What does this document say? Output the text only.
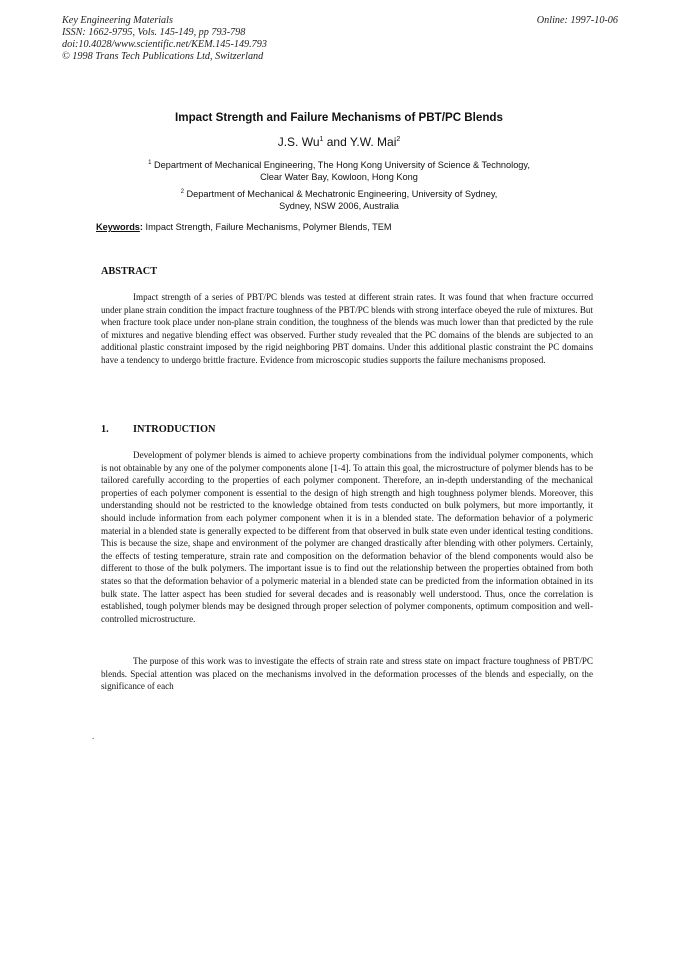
Key Engineering Materials
ISSN: 1662-9795, Vols. 145-149, pp 793-798
doi:10.4028/www.scientific.net/KEM.145-149.793
© 1998 Trans Tech Publications Ltd, Switzerland
Online: 1997-10-06
Impact Strength and Failure Mechanisms of PBT/PC Blends
J.S. Wu$^1$ and Y.W. Mai$^2$
$^1$ Department of Mechanical Engineering, The Hong Kong University of Science & Technology,
Clear Water Bay, Kowloon, Hong Kong
$^2$ Department of Mechanical & Mechatronic Engineering, University of Sydney,
Sydney, NSW 2006, Australia
Keywords: Impact Strength, Failure Mechanisms, Polymer Blends, TEM
ABSTRACT
Impact strength of a series of PBT/PC blends was tested at different strain rates. It was found that when fracture occurred under plane strain condition the impact fracture toughness of the PBT/PC blends with strong interface obeyed the rule of mixtures. But when fracture took place under non-plane strain condition, the toughness of the blends was much lower than that predicted by the rule of mixtures and negative blending effect was observed. Further study revealed that the PC domains of the blends are subjected to an additional plastic constraint imposed by the rigid neighboring PBT domains. Under this additional plastic constraint the PC domains have a tendency to undergo brittle fracture. Evidence from microscopic studies supports the failure mechanisms proposed.
1. INTRODUCTION
Development of polymer blends is aimed to achieve property combinations from the individual polymer components, which is not obtainable by any one of the polymer components alone [1-4]. To attain this goal, the microstructure of polymer blends has to be tailored carefully according to the properties of each polymer component. Therefore, an in-depth understanding of the mechanical properties of each polymer component is essential to the design of high strength and high toughness polymer blends. Moreover, this understanding should not be restricted to the knowledge obtained from tests conducted on bulk polymers, but more importantly, it should include information from each polymer component when it is in a blended state. The deformation behavior of a polymeric material in a blended state is generally expected to be different from that observed in bulk state even under identical testing conditions. This is because the size, shape and environment of the polymer are changed drastically after blending with other polymers. Certainly, the effects of testing temperature, strain rate and composition on the deformation behavior of the blend components would also be different to those of the bulk polymers. The important issue is to find out the relationship between the properties obtained from both states so that the deformation behavior of a polymeric material in a blended state can be predicted from the information obtained in its bulk state. The latter aspect has been studied for several decades and is reasonably well understood. Thus, once the correlation is established, tough polymer blends may be designed through proper selection of polymer components, optimum composition and well-controlled microstructure.
The purpose of this work was to investigate the effects of strain rate and stress state on impact fracture toughness of PBT/PC blends. Special attention was placed on the mechanisms involved in the deformation processes of the blends and especially, on the significance of each
.
